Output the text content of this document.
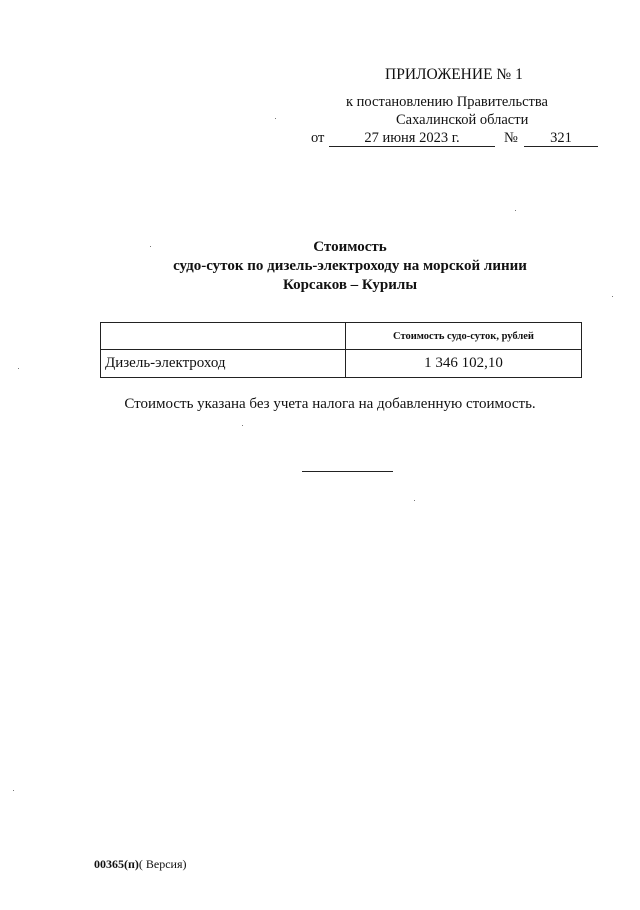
ПРИЛОЖЕНИЕ № 1
к постановлению Правительства
Сахалинской области
от	27 июня 2023 г.	№	321
Стоимость
судо-суток по дизель-электроходу на морской линии
Корсаков – Курилы
	Стоимость судо-суток, рублей
Дизель-электроход	1 346 102,10
Стоимость указана без учета налога на добавленную стоимость.
00365(п)( Версия)
